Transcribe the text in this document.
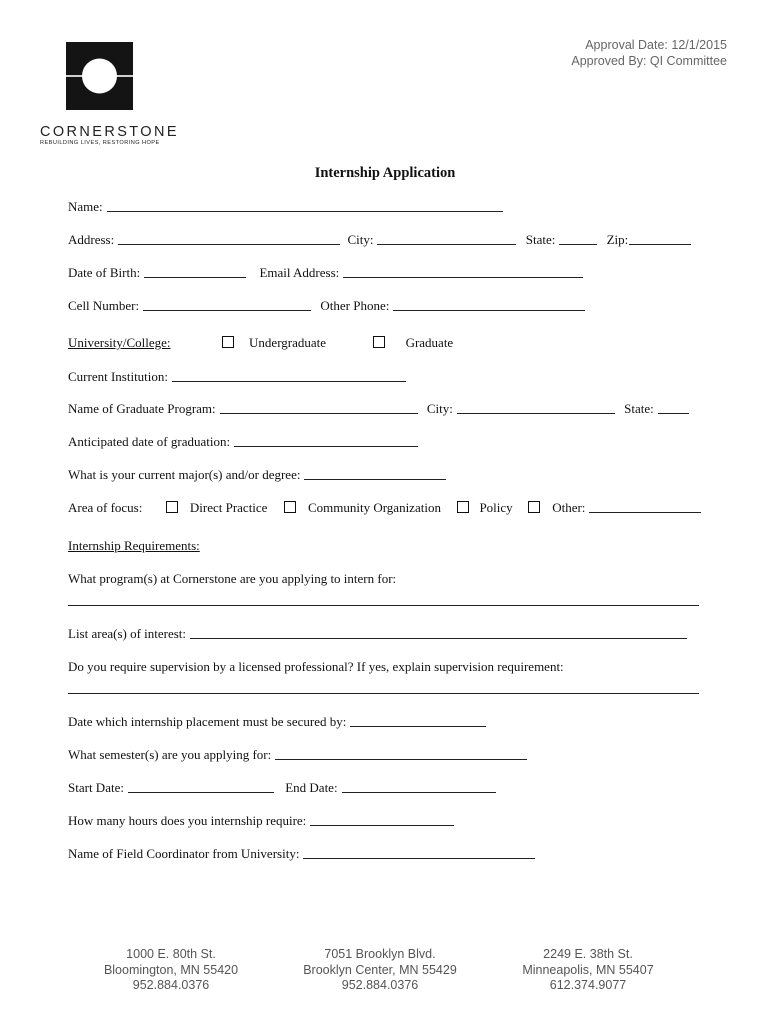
Approval Date: 12/1/2015
Approved By: QI Committee
CORNERSTONE
REBUILDING LIVES, RESTORING HOPE
Internship Application
Name:
Address:	City:	State:	Zip:
Date of Birth:	Email Address:
Cell Number:	Other Phone:
University/College:	Undergraduate	Graduate
Current Institution:
Name of Graduate Program:	City:	State:
Anticipated date of graduation:
What is your current major(s) and/or degree:
Area of focus:	Direct Practice	Community Organization	Policy	Other:
Internship Requirements:
What program(s) at Cornerstone are you applying to intern for:
List area(s) of interest:
Do you require supervision by a licensed professional? If yes, explain supervision requirement:
Date which internship placement must be secured by:
What semester(s) are you applying for:
Start Date:	End Date:
How many hours does you internship require:
Name of Field Coordinator from University:
1000 E. 80th St.
Bloomington, MN 55420
952.884.0376
7051 Brooklyn Blvd.
Brooklyn Center, MN 55429
952.884.0376
2249 E. 38th St.
Minneapolis, MN 55407
612.374.9077
